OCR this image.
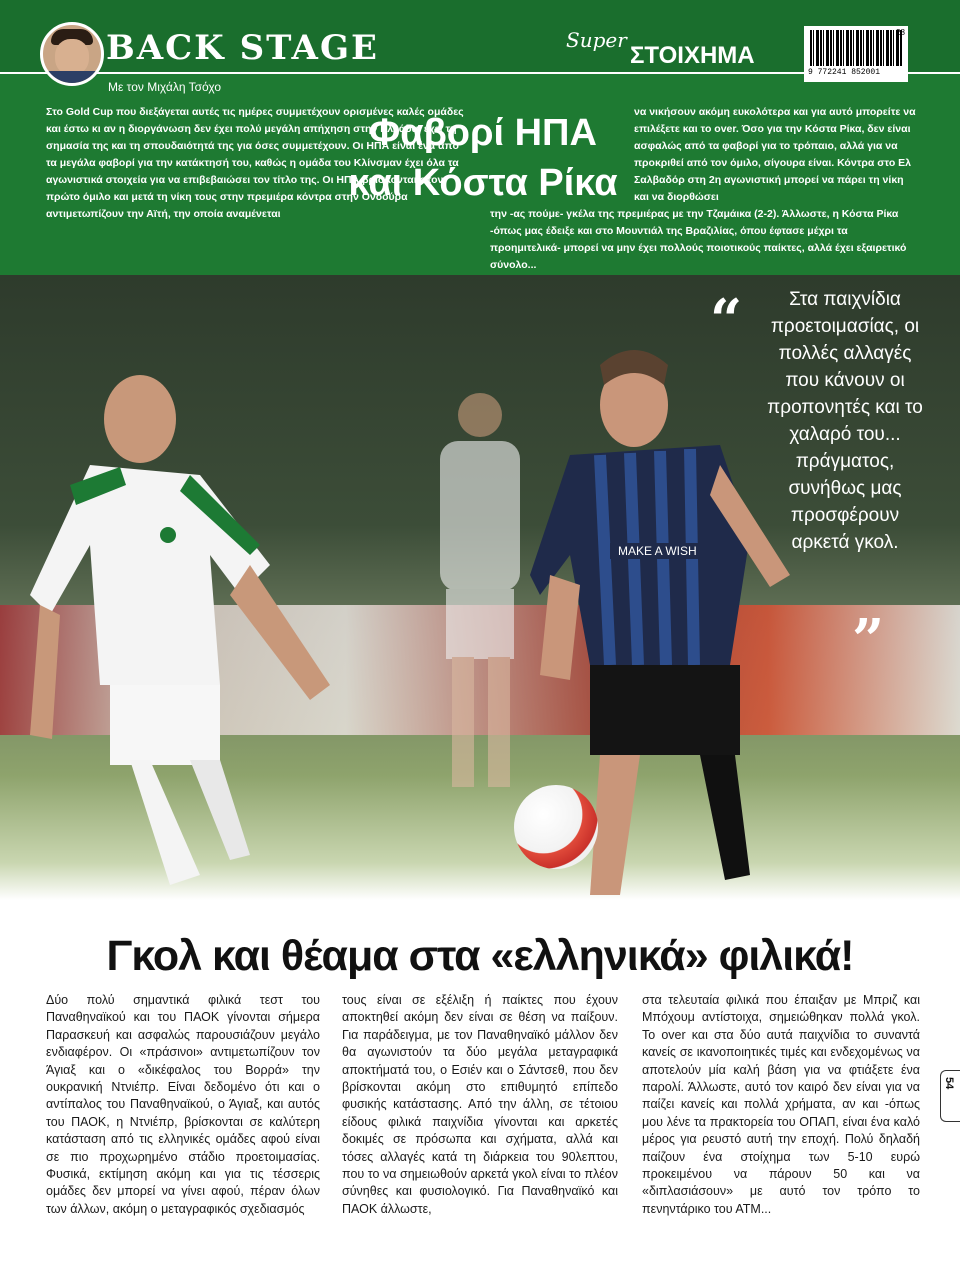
BACK STAGE
Με τον Μιχάλη Τσόχο
Super
ΣΤΟΙΧΗΜΑ
9 772241 852001
28
Στο Gold Cup που διεξάγεται αυτές τις ημέρες συμμετέχουν ορισμένες καλές ομάδες και έστω κι αν η διοργάνωση δεν έχει πολύ μεγάλη απήχηση στην Ελλάδα, έχει τη σημασία της και τη σπουδαιότητά της για όσες συμμετέχουν. Οι ΗΠΑ είναι ένα από τα μεγάλα φαβορί για την κατάκτησή του, καθώς η ομάδα του Κλίνσμαν έχει όλα τα αγωνιστικά στοιχεία για να επιβεβαιώσει τον τίτλο της. Οι ΗΠΑ βρίσκονται στον πρώτο όμιλο και μετά τη νίκη τους στην πρεμιέρα κόντρα στην Ονδούρα αντιμετωπίζουν την Αϊτή, την οποία αναμένεται
Φαβορί ΗΠΑ
και Κόστα Ρίκα
να νικήσουν ακόμη ευκολότερα και για αυτό μπορείτε να επιλέξετε και το over. Όσο για την Κόστα Ρίκα, δεν είναι ασφαλώς από τα φαβορί για το τρόπαιο, αλλά για να προκριθεί από τον όμιλο, σίγουρα είναι. Κόντρα στο Ελ Σαλβαδόρ στη 2η αγωνιστική μπορεί να πάρει τη νίκη και να διορθώσει
την -ας πούμε- γκέλα της πρεμιέρας με την Τζαμάικα (2-2). Άλλωστε, η Κόστα Ρίκα -όπως μας έδειξε και στο Μουντιάλ της Βραζιλίας, όπου έφτασε μέχρι τα προημιτελικά- μπορεί να μην έχει πολλούς ποιοτικούς παίκτες, αλλά έχει εξαιρετικό σύνολο...
MAKE A WISH
“	Στα παιχνίδια προετοιμασίας, οι πολλές αλλαγές που κάνουν οι προπονητές και το χαλαρό του... πράγματος, συνήθως μας προσφέρουν αρκετά γκολ.
”
Γκολ και θέαμα στα «ελληνικά» φιλικά!
Δύο πολύ σημαντικά φιλικά τεστ του Παναθηναϊκού και του ΠΑΟΚ γίνονται σήμερα Παρασκευή και ασφαλώς παρουσιάζουν μεγάλο ενδιαφέρον. Οι «πράσινοι» αντιμετωπίζουν τον Άγιαξ και ο «δικέφαλος του Βορρά» την ουκρανική Ντνιέπρ. Είναι δεδομένο ότι και ο αντίπαλος του Παναθηναϊκού, ο Άγιαξ, και αυτός του ΠΑΟΚ, η Ντνιέπρ, βρίσκονται σε καλύτερη κατάσταση από τις ελληνικές ομάδες αφού είναι σε πιο προχωρημένο στάδιο προετοιμασίας. Φυσικά, εκτίμηση ακόμη και για τις τέσσερις ομάδες δεν μπορεί να γίνει αφού, πέραν όλων των άλλων, ακόμη ο μεταγραφικός σχεδιασμός
τους είναι σε εξέλιξη ή παίκτες που έχουν αποκτηθεί ακόμη δεν είναι σε θέση να παίξουν. Για παράδειγμα, με τον Παναθηναϊκό μάλλον δεν θα αγωνιστούν τα δύο μεγάλα μεταγραφικά αποκτήματά του, ο Εσιέν και ο Σάντσεθ, που δεν βρίσκονται ακόμη στο επιθυμητό επίπεδο φυσικής κατάστασης. Από την άλλη, σε τέτοιου είδους φιλικά παιχνίδια γίνονται και αρκετές δοκιμές σε πρόσωπα και σχήματα, αλλά και τόσες αλλαγές κατά τη διάρκεια του 90λεπτου, που το να σημειωθούν αρκετά γκολ είναι το πλέον σύνηθες και φυσιολογικό. Για Παναθηναϊκό και ΠΑΟΚ άλλωστε,
στα τελευταία φιλικά που έπαιξαν με Μπριζ και Μπόχουμ αντίστοιχα, σημειώθηκαν πολλά γκολ. Το over και στα δύο αυτά παιχνίδια το συναντά κανείς σε ικανοποιητικές τιμές και ενδεχομένως να αποτελούν μία καλή βάση για να φτιάξετε ένα παρολί. Άλλωστε, αυτό τον καιρό δεν είναι για να παίζει κανείς και πολλά χρήματα, αν και -όπως μου λένε τα πρακτορεία του ΟΠΑΠ, είναι ένα καλό μέρος για ρευστό αυτή την εποχή. Πολύ δηλαδή παίζουν ένα στοίχημα των 5-10 ευρώ προκειμένου να πάρουν 50 και να «διπλασιάσουν» με αυτό τον τρόπο το πενηντάρικο του ΑΤΜ...
54
